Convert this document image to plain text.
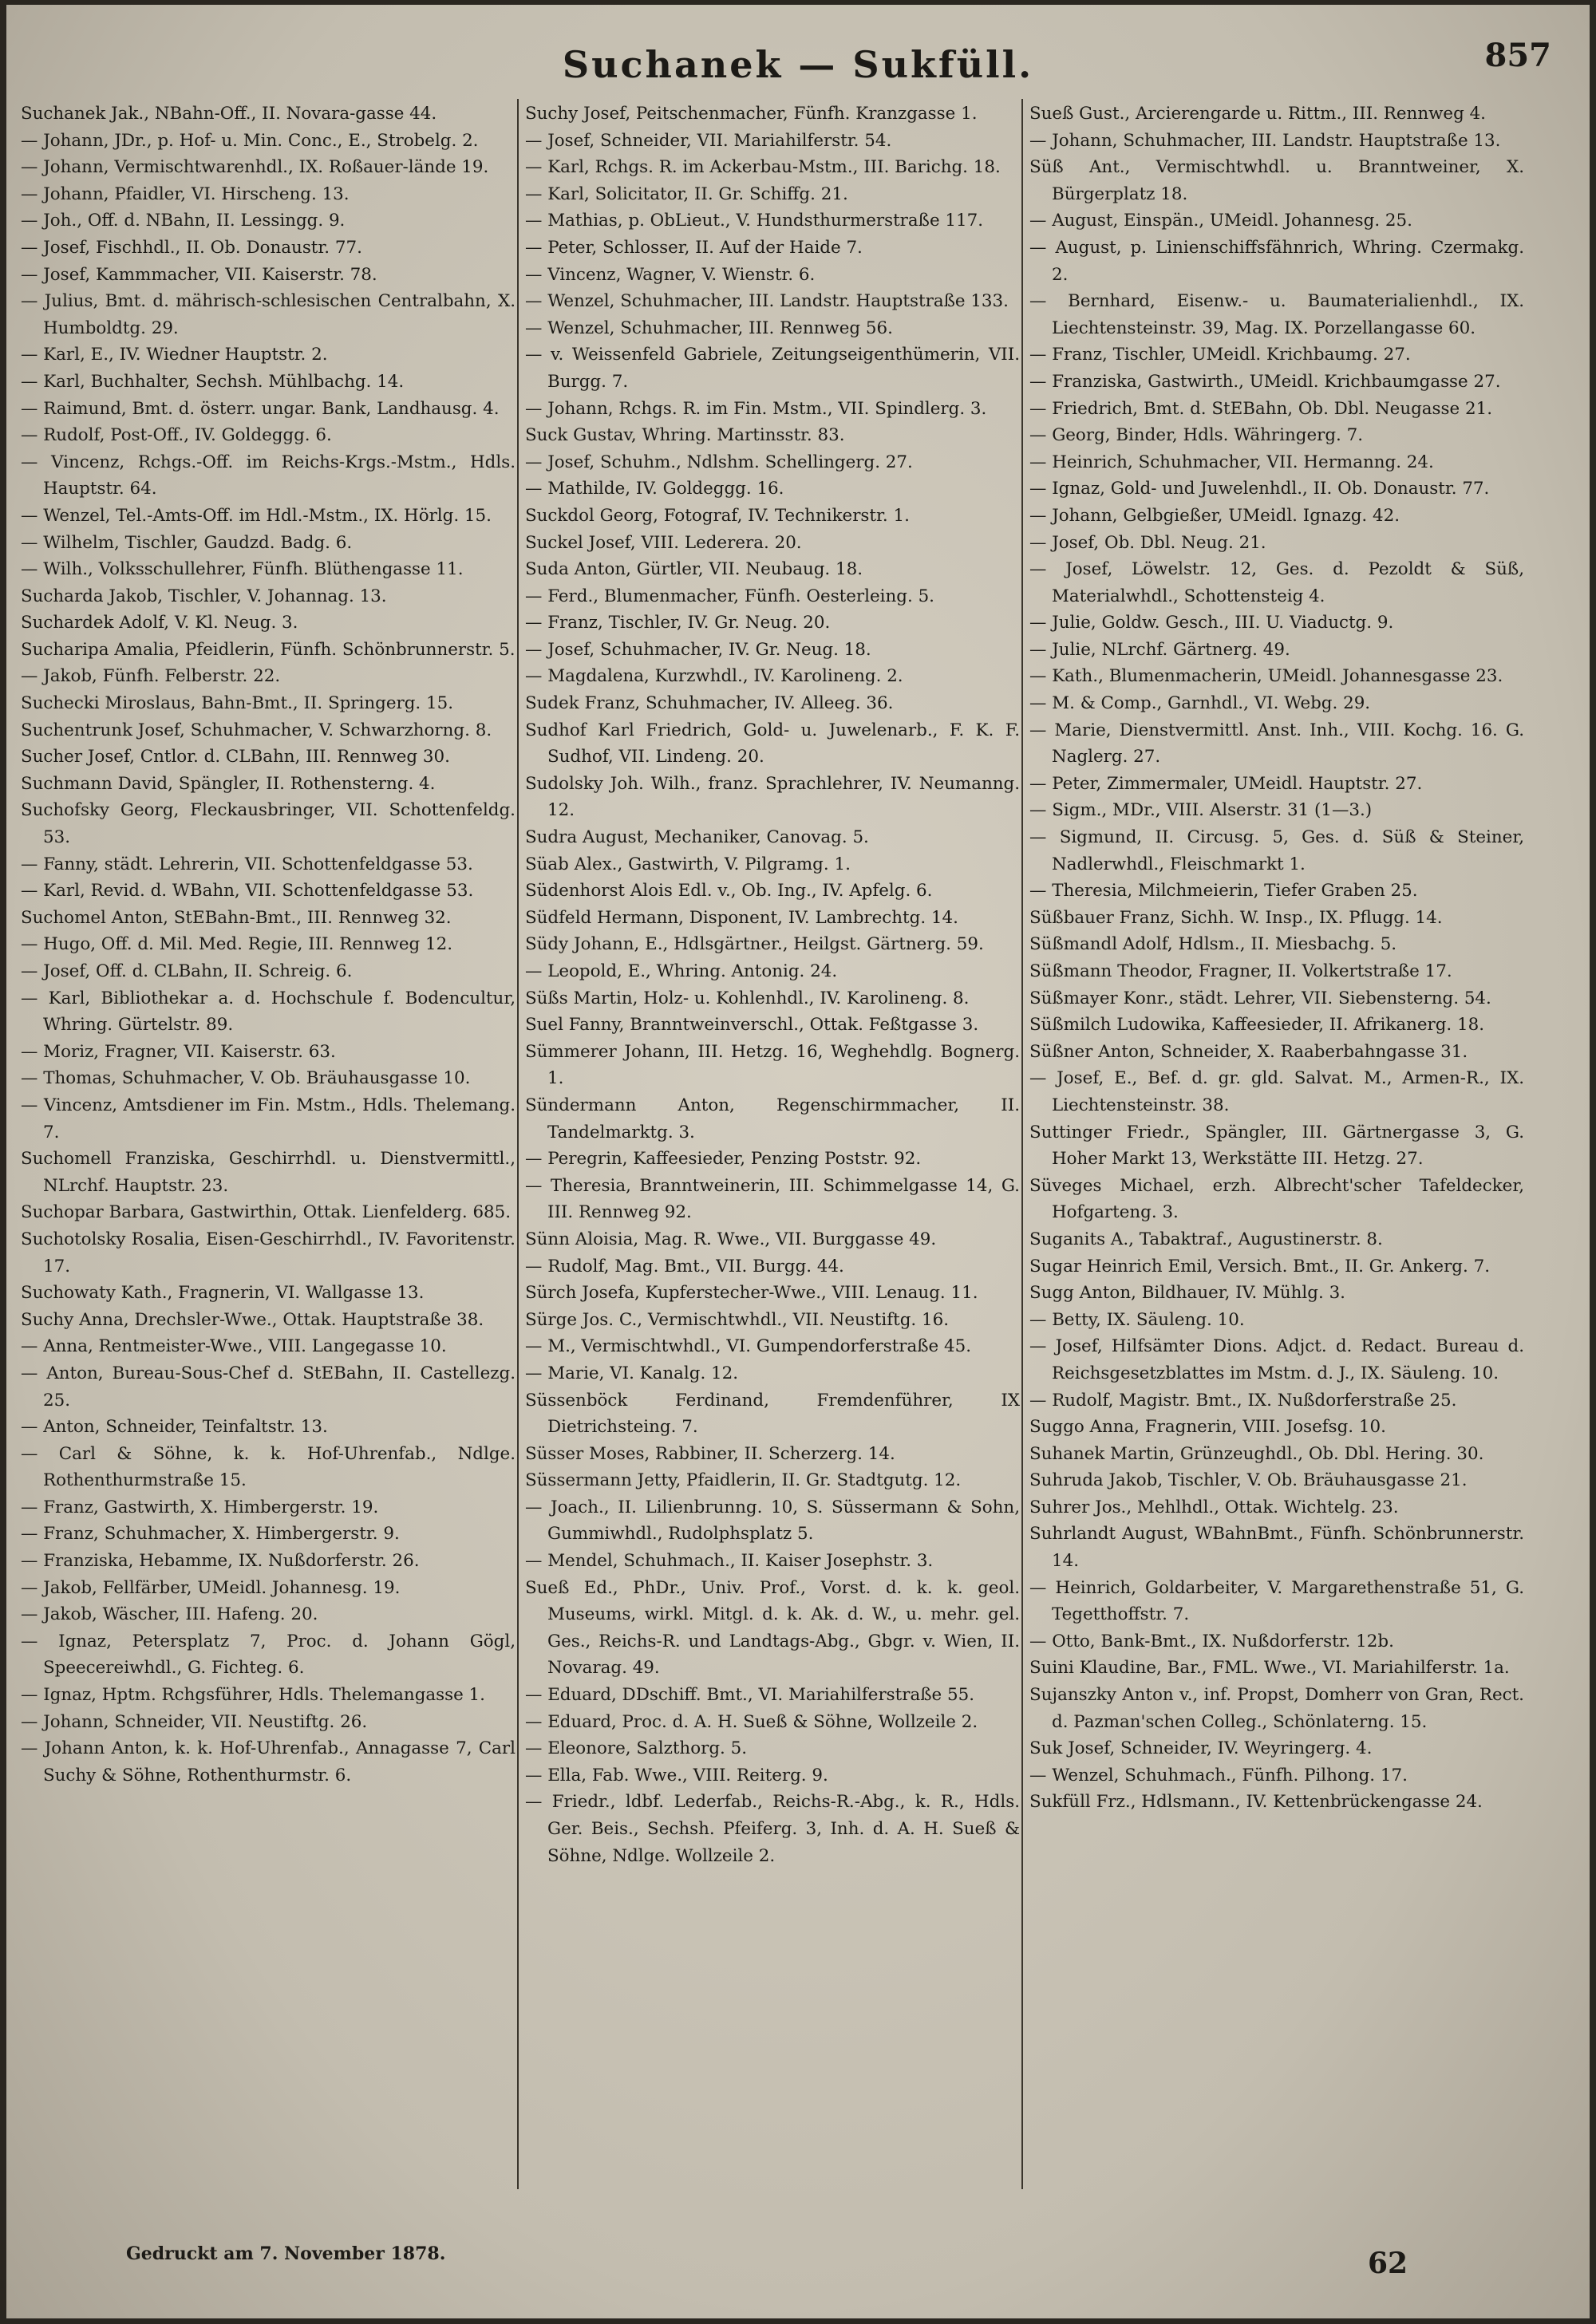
Suchanek — Sukfüll.	857

Suchanek Jak., NBahn-Off., II. Novara-gasse 44.

— Johann, JDr., p. Hof- u. Min. Conc., E., Strobelg. 2.

— Johann, Vermischtwarenhdl., IX. Roßauer-lände 19.

— Johann, Pfaidler, VI. Hirscheng. 13.

— Joh., Off. d. NBahn, II. Lessingg. 9.

— Josef, Fischhdl., II. Ob. Donaustr. 77.

— Josef, Kammmacher, VII. Kaiserstr. 78.

— Julius, Bmt. d. mährisch-schlesischen Centralbahn, X. Humboldtg. 29.

— Karl, E., IV. Wiedner Hauptstr. 2.

— Karl, Buchhalter, Sechsh. Mühlbachg. 14.

— Raimund, Bmt. d. österr. ungar. Bank, Landhausg. 4.

— Rudolf, Post-Off., IV. Goldeggg. 6.

— Vincenz, Rchgs.-Off. im Reichs-Krgs.-Mstm., Hdls. Hauptstr. 64.

— Wenzel, Tel.-Amts-Off. im Hdl.-Mstm., IX. Hörlg. 15.

— Wilhelm, Tischler, Gaudzd. Badg. 6.

— Wilh., Volksschullehrer, Fünfh. Blüthengasse 11.

Sucharda Jakob, Tischler, V. Johannag. 13.

Suchardek Adolf, V. Kl. Neug. 3.

Sucharipa Amalia, Pfeidlerin, Fünfh. Schönbrunnerstr. 5.

— Jakob, Fünfh. Felberstr. 22.

Suchecki Miroslaus, Bahn-Bmt., II. Springerg. 15.

Suchentrunk Josef, Schuhmacher, V. Schwarzhorng. 8.

Sucher Josef, Cntlor. d. CLBahn, III. Rennweg 30.

Suchmann David, Spängler, II. Rothensterng. 4.

Suchofsky Georg, Fleckausbringer, VII. Schottenfeldg. 53.

— Fanny, städt. Lehrerin, VII. Schottenfeldgasse 53.

— Karl, Revid. d. WBahn, VII. Schottenfeldgasse 53.

Suchomel Anton, StEBahn-Bmt., III. Rennweg 32.

— Hugo, Off. d. Mil. Med. Regie, III. Rennweg 12.

— Josef, Off. d. CLBahn, II. Schreig. 6.

— Karl, Bibliothekar a. d. Hochschule f. Bodencultur, Whring. Gürtelstr. 89.

— Moriz, Fragner, VII. Kaiserstr. 63.

— Thomas, Schuhmacher, V. Ob. Bräuhausgasse 10.

— Vincenz, Amtsdiener im Fin. Mstm., Hdls. Thelemang. 7.

Suchomell Franziska, Geschirrhdl. u. Dienstvermittl., NLrchf. Hauptstr. 23.

Suchopar Barbara, Gastwirthin, Ottak. Lienfelderg. 685.

Suchotolsky Rosalia, Eisen-Geschirrhdl., IV. Favoritenstr. 17.

Suchowaty Kath., Fragnerin, VI. Wallgasse 13.

Suchy Anna, Drechsler-Wwe., Ottak. Hauptstraße 38.

— Anna, Rentmeister-Wwe., VIII. Langegasse 10.

— Anton, Bureau-Sous-Chef d. StEBahn, II. Castellezg. 25.

— Anton, Schneider, Teinfaltstr. 13.

— Carl & Söhne, k. k. Hof-Uhrenfab., Ndlge. Rothenthurmstraße 15.

— Franz, Gastwirth, X. Himbergerstr. 19.

— Franz, Schuhmacher, X. Himbergerstr. 9.

— Franziska, Hebamme, IX. Nußdorferstr. 26.

— Jakob, Fellfärber, UMeidl. Johannesg. 19.

— Jakob, Wäscher, III. Hafeng. 20.

— Ignaz, Petersplatz 7, Proc. d. Johann Gögl, Speecereiwhdl., G. Fichteg. 6.

— Ignaz, Hptm. Rchgsführer, Hdls. Thelemangasse 1.

— Johann, Schneider, VII. Neustiftg. 26.

— Johann Anton, k. k. Hof-Uhrenfab., Annagasse 7, Carl Suchy & Söhne, Rothenthurmstr. 6.

Suchy Josef, Peitschenmacher, Fünfh. Kranzgasse 1.

— Josef, Schneider, VII. Mariahilferstr. 54.

— Karl, Rchgs. R. im Ackerbau-Mstm., III. Barichg. 18.

— Karl, Solicitator, II. Gr. Schiffg. 21.

— Mathias, p. ObLieut., V. Hundsthurmerstraße 117.

— Peter, Schlosser, II. Auf der Haide 7.

— Vincenz, Wagner, V. Wienstr. 6.

— Wenzel, Schuhmacher, III. Landstr. Hauptstraße 133.

— Wenzel, Schuhmacher, III. Rennweg 56.

— v. Weissenfeld Gabriele, Zeitungseigenthümerin, VII. Burgg. 7.

— Johann, Rchgs. R. im Fin. Mstm., VII. Spindlerg. 3.

Suck Gustav, Whring. Martinsstr. 83.

— Josef, Schuhm., Ndlshm. Schellingerg. 27.

— Mathilde, IV. Goldeggg. 16.

Suckdol Georg, Fotograf, IV. Technikerstr. 1.

Suckel Josef, VIII. Lederera. 20.

Suda Anton, Gürtler, VII. Neubaug. 18.

— Ferd., Blumenmacher, Fünfh. Oesterleing. 5.

— Franz, Tischler, IV. Gr. Neug. 20.

— Josef, Schuhmacher, IV. Gr. Neug. 18.

— Magdalena, Kurzwhdl., IV. Karolineng. 2.

Sudek Franz, Schuhmacher, IV. Alleeg. 36.

Sudhof Karl Friedrich, Gold- u. Juwelenarb., F. K. F. Sudhof, VII. Lindeng. 20.

Sudolsky Joh. Wilh., franz. Sprachlehrer, IV. Neumanng. 12.

Sudra August, Mechaniker, Canovag. 5.

Süab Alex., Gastwirth, V. Pilgramg. 1.

Südenhorst Alois Edl. v., Ob. Ing., IV. Apfelg. 6.

Südfeld Hermann, Disponent, IV. Lambrechtg. 14.

Südy Johann, E., Hdlsgärtner., Heilgst. Gärtnerg. 59.

— Leopold, E., Whring. Antonig. 24.

Süßs Martin, Holz- u. Kohlenhdl., IV. Karolineng. 8.

Suel Fanny, Branntweinverschl., Ottak. Feßtgasse 3.

Sümmerer Johann, III. Hetzg. 16, Weghehdlg. Bognerg. 1.

Sündermann Anton, Regenschirmmacher, II. Tandelmarktg. 3.

— Peregrin, Kaffeesieder, Penzing Poststr. 92.

— Theresia, Branntweinerin, III. Schimmelgasse 14, G. III. Rennweg 92.

Sünn Aloisia, Mag. R. Wwe., VII. Burggasse 49.

— Rudolf, Mag. Bmt., VII. Burgg. 44.

Sürch Josefa, Kupferstecher-Wwe., VIII. Lenaug. 11.

Sürge Jos. C., Vermischtwhdl., VII. Neustiftg. 16.

— M., Vermischtwhdl., VI. Gumpendorferstraße 45.

— Marie, VI. Kanalg. 12.

Süssenböck Ferdinand, Fremdenführer, IX Dietrichsteing. 7.

Süsser Moses, Rabbiner, II. Scherzerg. 14.

Süssermann Jetty, Pfaidlerin, II. Gr. Stadtgutg. 12.

— Joach., II. Lilienbrunng. 10, S. Süssermann & Sohn, Gummiwhdl., Rudolphsplatz 5.

— Mendel, Schuhmach., II. Kaiser Josephstr. 3.

Sueß Ed., PhDr., Univ. Prof., Vorst. d. k. k. geol. Museums, wirkl. Mitgl. d. k. Ak. d. W., u. mehr. gel. Ges., Reichs-R. und Landtags-Abg., Gbgr. v. Wien, II. Novarag. 49.

— Eduard, DDschiff. Bmt., VI. Mariahilferstraße 55.

— Eduard, Proc. d. A. H. Sueß & Söhne, Wollzeile 2.

— Eleonore, Salzthorg. 5.

— Ella, Fab. Wwe., VIII. Reiterg. 9.

— Friedr., ldbf. Lederfab., Reichs-R.-Abg., k. R., Hdls. Ger. Beis., Sechsh. Pfeiferg. 3, Inh. d. A. H. Sueß & Söhne, Ndlge. Wollzeile 2.

Sueß Gust., Arcierengarde u. Rittm., III. Rennweg 4.

— Johann, Schuhmacher, III. Landstr. Hauptstraße 13.

Süß Ant., Vermischtwhdl. u. Branntweiner, X. Bürgerplatz 18.

— August, Einspän., UMeidl. Johannesg. 25.

— August, p. Linienschiffsfähnrich, Whring. Czermakg. 2.

— Bernhard, Eisenw.- u. Baumaterialienhdl., IX. Liechtensteinstr. 39, Mag. IX. Porzellangasse 60.

— Franz, Tischler, UMeidl. Krichbaumg. 27.

— Franziska, Gastwirth., UMeidl. Krichbaumgasse 27.

— Friedrich, Bmt. d. StEBahn, Ob. Dbl. Neugasse 21.

— Georg, Binder, Hdls. Währingerg. 7.

— Heinrich, Schuhmacher, VII. Hermanng. 24.

— Ignaz, Gold- und Juwelenhdl., II. Ob. Donaustr. 77.

— Johann, Gelbgießer, UMeidl. Ignazg. 42.

— Josef, Ob. Dbl. Neug. 21.

— Josef, Löwelstr. 12, Ges. d. Pezoldt & Süß, Materialwhdl., Schottensteig 4.

— Julie, Goldw. Gesch., III. U. Viaductg. 9.

— Julie, NLrchf. Gärtnerg. 49.

— Kath., Blumenmacherin, UMeidl. Johannesgasse 23.

— M. & Comp., Garnhdl., VI. Webg. 29.

— Marie, Dienstvermittl. Anst. Inh., VIII. Kochg. 16. G. Naglerg. 27.

— Peter, Zimmermaler, UMeidl. Hauptstr. 27.

— Sigm., MDr., VIII. Alserstr. 31 (1—3.)

— Sigmund, II. Circusg. 5, Ges. d. Süß & Steiner, Nadlerwhdl., Fleischmarkt 1.

— Theresia, Milchmeierin, Tiefer Graben 25.

Süßbauer Franz, Sichh. W. Insp., IX. Pflugg. 14.

Süßmandl Adolf, Hdlsm., II. Miesbachg. 5.

Süßmann Theodor, Fragner, II. Volkertstraße 17.

Süßmayer Konr., städt. Lehrer, VII. Siebensterng. 54.

Süßmilch Ludowika, Kaffeesieder, II. Afrikanerg. 18.

Süßner Anton, Schneider, X. Raaberbahngasse 31.

— Josef, E., Bef. d. gr. gld. Salvat. M., Armen-R., IX. Liechtensteinstr. 38.

Suttinger Friedr., Spängler, III. Gärtnergasse 3, G. Hoher Markt 13, Werkstätte III. Hetzg. 27.

Süveges Michael, erzh. Albrecht'scher Tafeldecker, Hofgarteng. 3.

Suganits A., Tabaktraf., Augustinerstr. 8.

Sugar Heinrich Emil, Versich. Bmt., II. Gr. Ankerg. 7.

Sugg Anton, Bildhauer, IV. Mühlg. 3.

— Betty, IX. Säuleng. 10.

— Josef, Hilfsämter Dions. Adjct. d. Redact. Bureau d. Reichsgesetzblattes im Mstm. d. J., IX. Säuleng. 10.

— Rudolf, Magistr. Bmt., IX. Nußdorferstraße 25.

Suggo Anna, Fragnerin, VIII. Josefsg. 10.

Suhanek Martin, Grünzeughdl., Ob. Dbl. Hering. 30.

Suhruda Jakob, Tischler, V. Ob. Bräuhausgasse 21.

Suhrer Jos., Mehlhdl., Ottak. Wichtelg. 23.

Suhrlandt August, WBahnBmt., Fünfh. Schönbrunnerstr. 14.

— Heinrich, Goldarbeiter, V. Margarethenstraße 51, G. Tegetthoffstr. 7.

— Otto, Bank-Bmt., IX. Nußdorferstr. 12b.

Suini Klaudine, Bar., FML. Wwe., VI. Mariahilferstr. 1a.

Sujanszky Anton v., inf. Propst, Domherr von Gran, Rect. d. Pazman'schen Colleg., Schönlaterng. 15.

Suk Josef, Schneider, IV. Weyringerg. 4.

— Wenzel, Schuhmach., Fünfh. Pilhong. 17.

Sukfüll Frz., Hdlsmann., IV. Kettenbrückengasse 24.

Gedruckt am 7. November 1878.	62
